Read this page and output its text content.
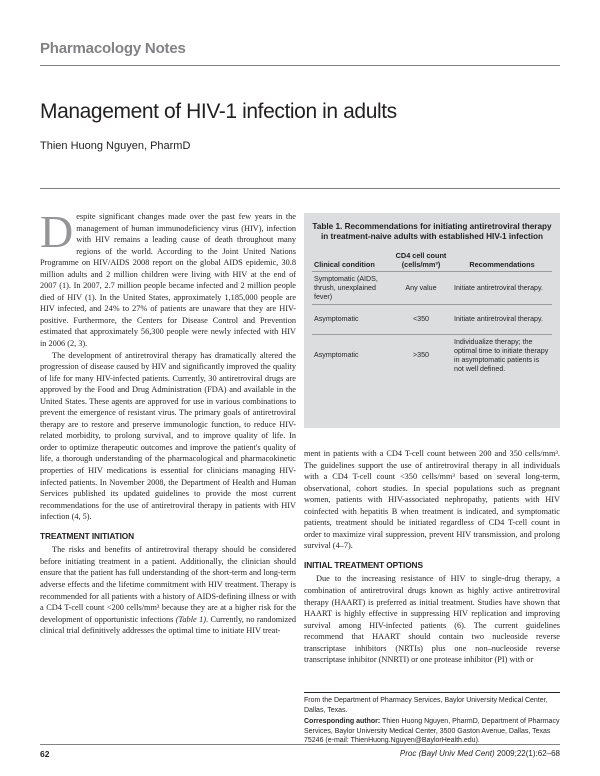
Pharmacology Notes
Management of HIV-1 infection in adults
Thien Huong Nguyen, PharmD

Despite significant changes made over the past few years in the management of human immunodeficiency virus (HIV), infection with HIV remains a leading cause of death throughout many regions of the world. According to the Joint United Nations Programme on HIV/AIDS 2008 report on the global AIDS epidemic, 30.8 million adults and 2 million children were living with HIV at the end of 2007 (1). In 2007, 2.7 million people became infected and 2 million people died of HIV (1). In the United States, approximately 1,185,000 people are HIV infected, and 24% to 27% of patients are unaware that they are HIV-positive. Furthermore, the Centers for Disease Control and Prevention estimated that approximately 56,300 people were newly infected with HIV in 2006 (2, 3).

The development of antiretroviral therapy has dramatically altered the progression of disease caused by HIV and significantly improved the quality of life for many HIV-infected patients. Currently, 30 antiretroviral drugs are approved by the Food and Drug Administration (FDA) and available in the United States. These agents are approved for use in various combinations to prevent the emergence of resistant virus. The primary goals of antiretroviral therapy are to restore and preserve immunologic function, to reduce HIV-related morbidity, to prolong survival, and to improve quality of life. In order to optimize therapeutic outcomes and improve the patient's quality of life, a thorough understanding of the pharmacological and pharmacokinetic properties of HIV medications is essential for clinicians managing HIV-infected patients. In November 2008, the Department of Health and Human Services published its updated guidelines to provide the most current recommendations for the use of antiretroviral therapy in patients with HIV infection (4, 5).

TREATMENT INITIATION

The risks and benefits of antiretroviral therapy should be considered before initiating treatment in a patient. Additionally, the clinician should ensure that the patient has full understanding of the short-term and long-term adverse effects and the lifetime commitment with HIV treatment. Therapy is recommended for all patients with a history of AIDS-defining illness or with a CD4 T-cell count <200 cells/mm³ because they are at a higher risk for the development of opportunistic infections (Table 1). Currently, no randomized clinical trial definitively addresses the optimal time to initiate HIV treat-

Table 1. Recommendations for initiating antiretroviral therapy in treatment-naive adults with established HIV-1 infection
Clinical condition	CD4 cell count (cells/mm³)	Recommendations
Symptomatic (AIDS, thrush, unexplained fever)	Any value	Initiate antiretroviral therapy.
Asymptomatic	<350	Initiate antiretroviral therapy.
Asymptomatic	>350	Individualize therapy; the optimal time to initiate therapy in asymptomatic patients is not well defined.

ment in patients with a CD4 T-cell count between 200 and 350 cells/mm³. The guidelines support the use of antiretroviral therapy in all individuals with a CD4 T-cell count <350 cells/mm³ based on several long-term, observational, cohort studies. In special populations such as pregnant women, patients with HIV-associated nephropathy, patients with HIV coinfected with hepatitis B when treatment is indicated, and symptomatic patients, treatment should be initiated regardless of CD4 T-cell count in order to maximize viral suppression, prevent HIV transmission, and prolong survival (4–7).

INITIAL TREATMENT OPTIONS

Due to the increasing resistance of HIV to single-drug therapy, a combination of antiretroviral drugs known as highly active antiretroviral therapy (HAART) is preferred as initial treatment. Studies have shown that HAART is highly effective in suppressing HIV replication and improving survival among HIV-infected patients (6). The current guidelines recommend that HAART should contain two nucleoside reverse transcriptase inhibitors (NRTIs) plus one non–nucleoside reverse transcriptase inhibitor (NNRTI) or one protease inhibitor (PI) with or

From the Department of Pharmacy Services, Baylor University Medical Center, Dallas, Texas.
Corresponding author: Thien Huong Nguyen, PharmD, Department of Pharmacy Services, Baylor University Medical Center, 3500 Gaston Avenue, Dallas, Texas 75246 (e-mail: ThienHuong.Nguyen@BaylorHealth.edu).
62	Proc (Bayl Univ Med Cent) 2009;22(1):62–68
